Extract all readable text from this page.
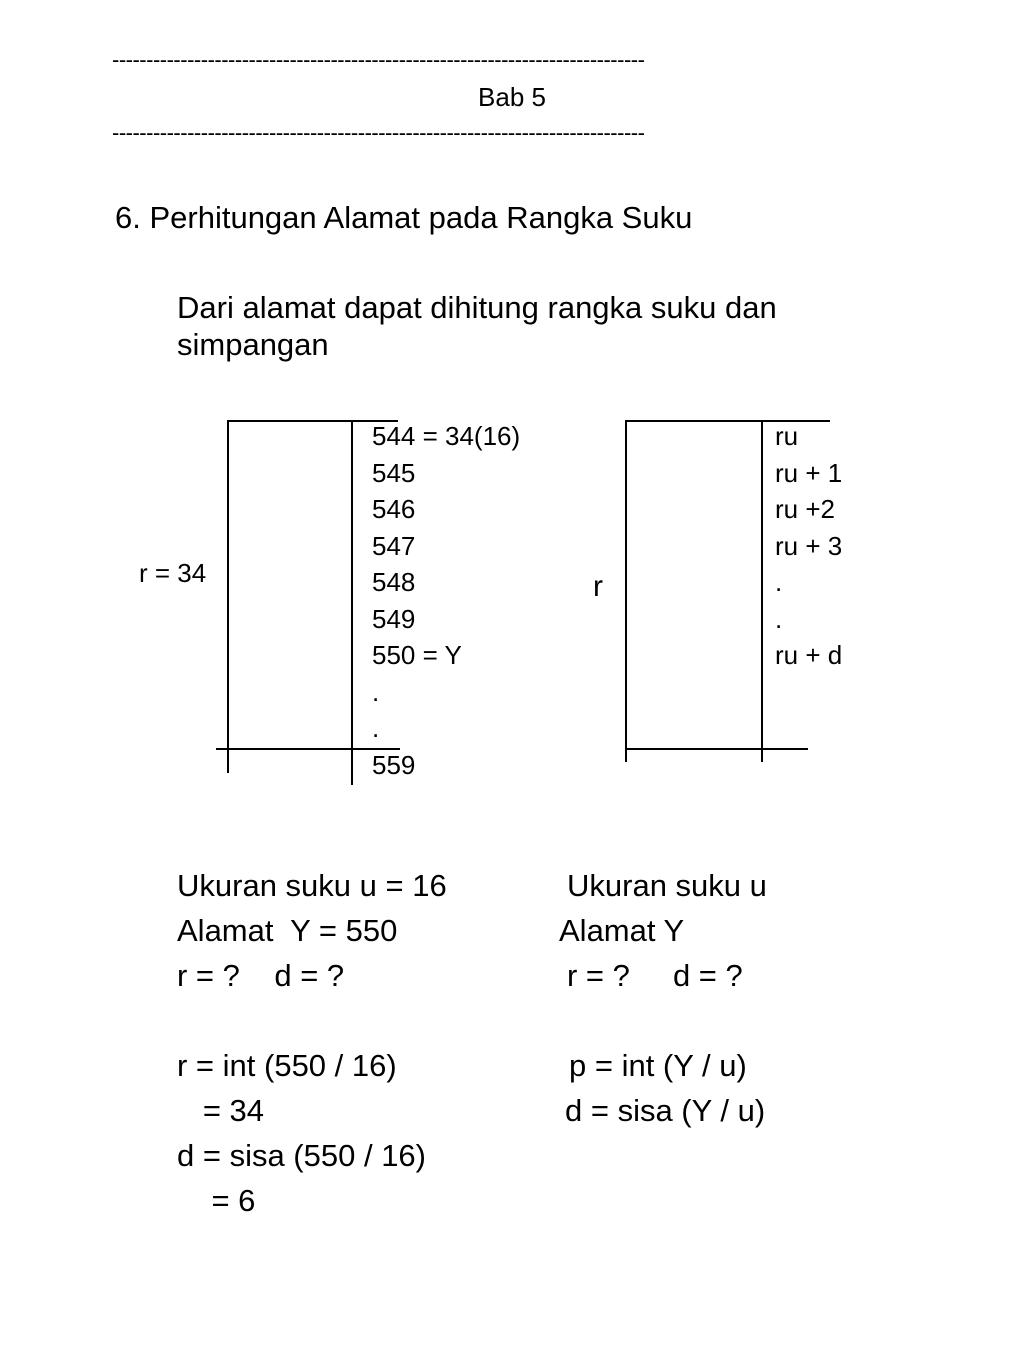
------------------------------------------------------------------------------
Bab 5
------------------------------------------------------------------------------
6. Perhitungan Alamat pada Rangka Suku
Dari alamat dapat dihitung rangka suku dan simpangan
r = 34
544 = 34(16)
545
546
547
548
549
550 = Y
.
.
559
r
ru
ru + 1
ru +2
ru + 3
.
.
ru + d
Ukuran suku u = 16
Alamat  Y = 550
r = ?    d = ?
r = int (550 / 16)
= 34
d = sisa (550 / 16)
= 6
Ukuran suku u
Alamat Y
r = ?     d = ?
p = int (Y / u)
d = sisa (Y / u)
